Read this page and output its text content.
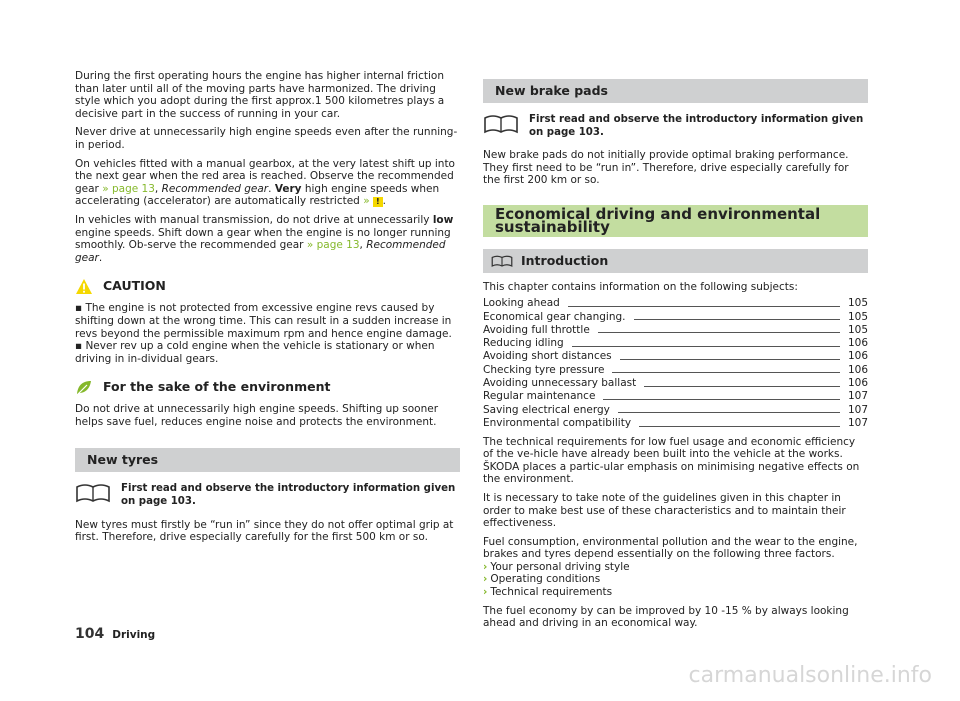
During the first operating hours the engine has higher internal friction than later until all of the moving parts have harmonized. The driving style which you adopt during the first approx.1 500 kilometres plays a decisive part in the success of running in your car.

Never drive at unnecessarily high engine speeds even after the running-in period.

On vehicles fitted with a manual gearbox, at the very latest shift up into the next gear when the red area is reached. Observe the recommended gear » page 13, Recommended gear. Very high engine speeds when accelerating (accelerator) are automatically restricted » ! .

In vehicles with manual transmission, do not drive at unnecessarily low engine speeds. Shift down a gear when the engine is no longer running smoothly. Ob-serve the recommended gear » page 13, Recommended gear.

CAUTION

▪ The engine is not protected from excessive engine revs caused by shifting down at the wrong time. This can result in a sudden increase in revs beyond the permissible maximum rpm and hence engine damage.

▪ Never rev up a cold engine when the vehicle is stationary or when driving in in-dividual gears.

For the sake of the environment

Do not drive at unnecessarily high engine speeds. Shifting up sooner helps save fuel, reduces engine noise and protects the environment.

New tyres
First read and observe the introductory information given on page 103.

New tyres must firstly be “run in” since they do not offer optimal grip at first. Therefore, drive especially carefully for the first 500 km or so.

New brake pads
First read and observe the introductory information given on page 103.

New brake pads do not initially provide optimal braking performance. They first need to be “run in”. Therefore, drive especially carefully for the first 200 km or so.

Economical driving and environmental sustainability
Introduction

This chapter contains information on the following subjects:

Looking ahead	105
Economical gear changing.	105
Avoiding full throttle	105
Reducing idling	106
Avoiding short distances	106
Checking tyre pressure	106
Avoiding unnecessary ballast	106
Regular maintenance	107
Saving electrical energy	107
Environmental compatibility	107

The technical requirements for low fuel usage and economic efficiency of the ve-hicle have already been built into the vehicle at the works. ŠKODA places a partic-ular emphasis on minimising negative effects on the environment.

It is necessary to take note of the guidelines given in this chapter in order to make best use of these characteristics and to maintain their effectiveness.

Fuel consumption, environmental pollution and the wear to the engine, brakes and tyres depend essentially on the following three factors.

› Your personal driving style
› Operating conditions
› Technical requirements

The fuel economy by can be improved by 10 -15 % by always looking ahead and driving in an economical way.

104 Driving
carmanualsonline.info
